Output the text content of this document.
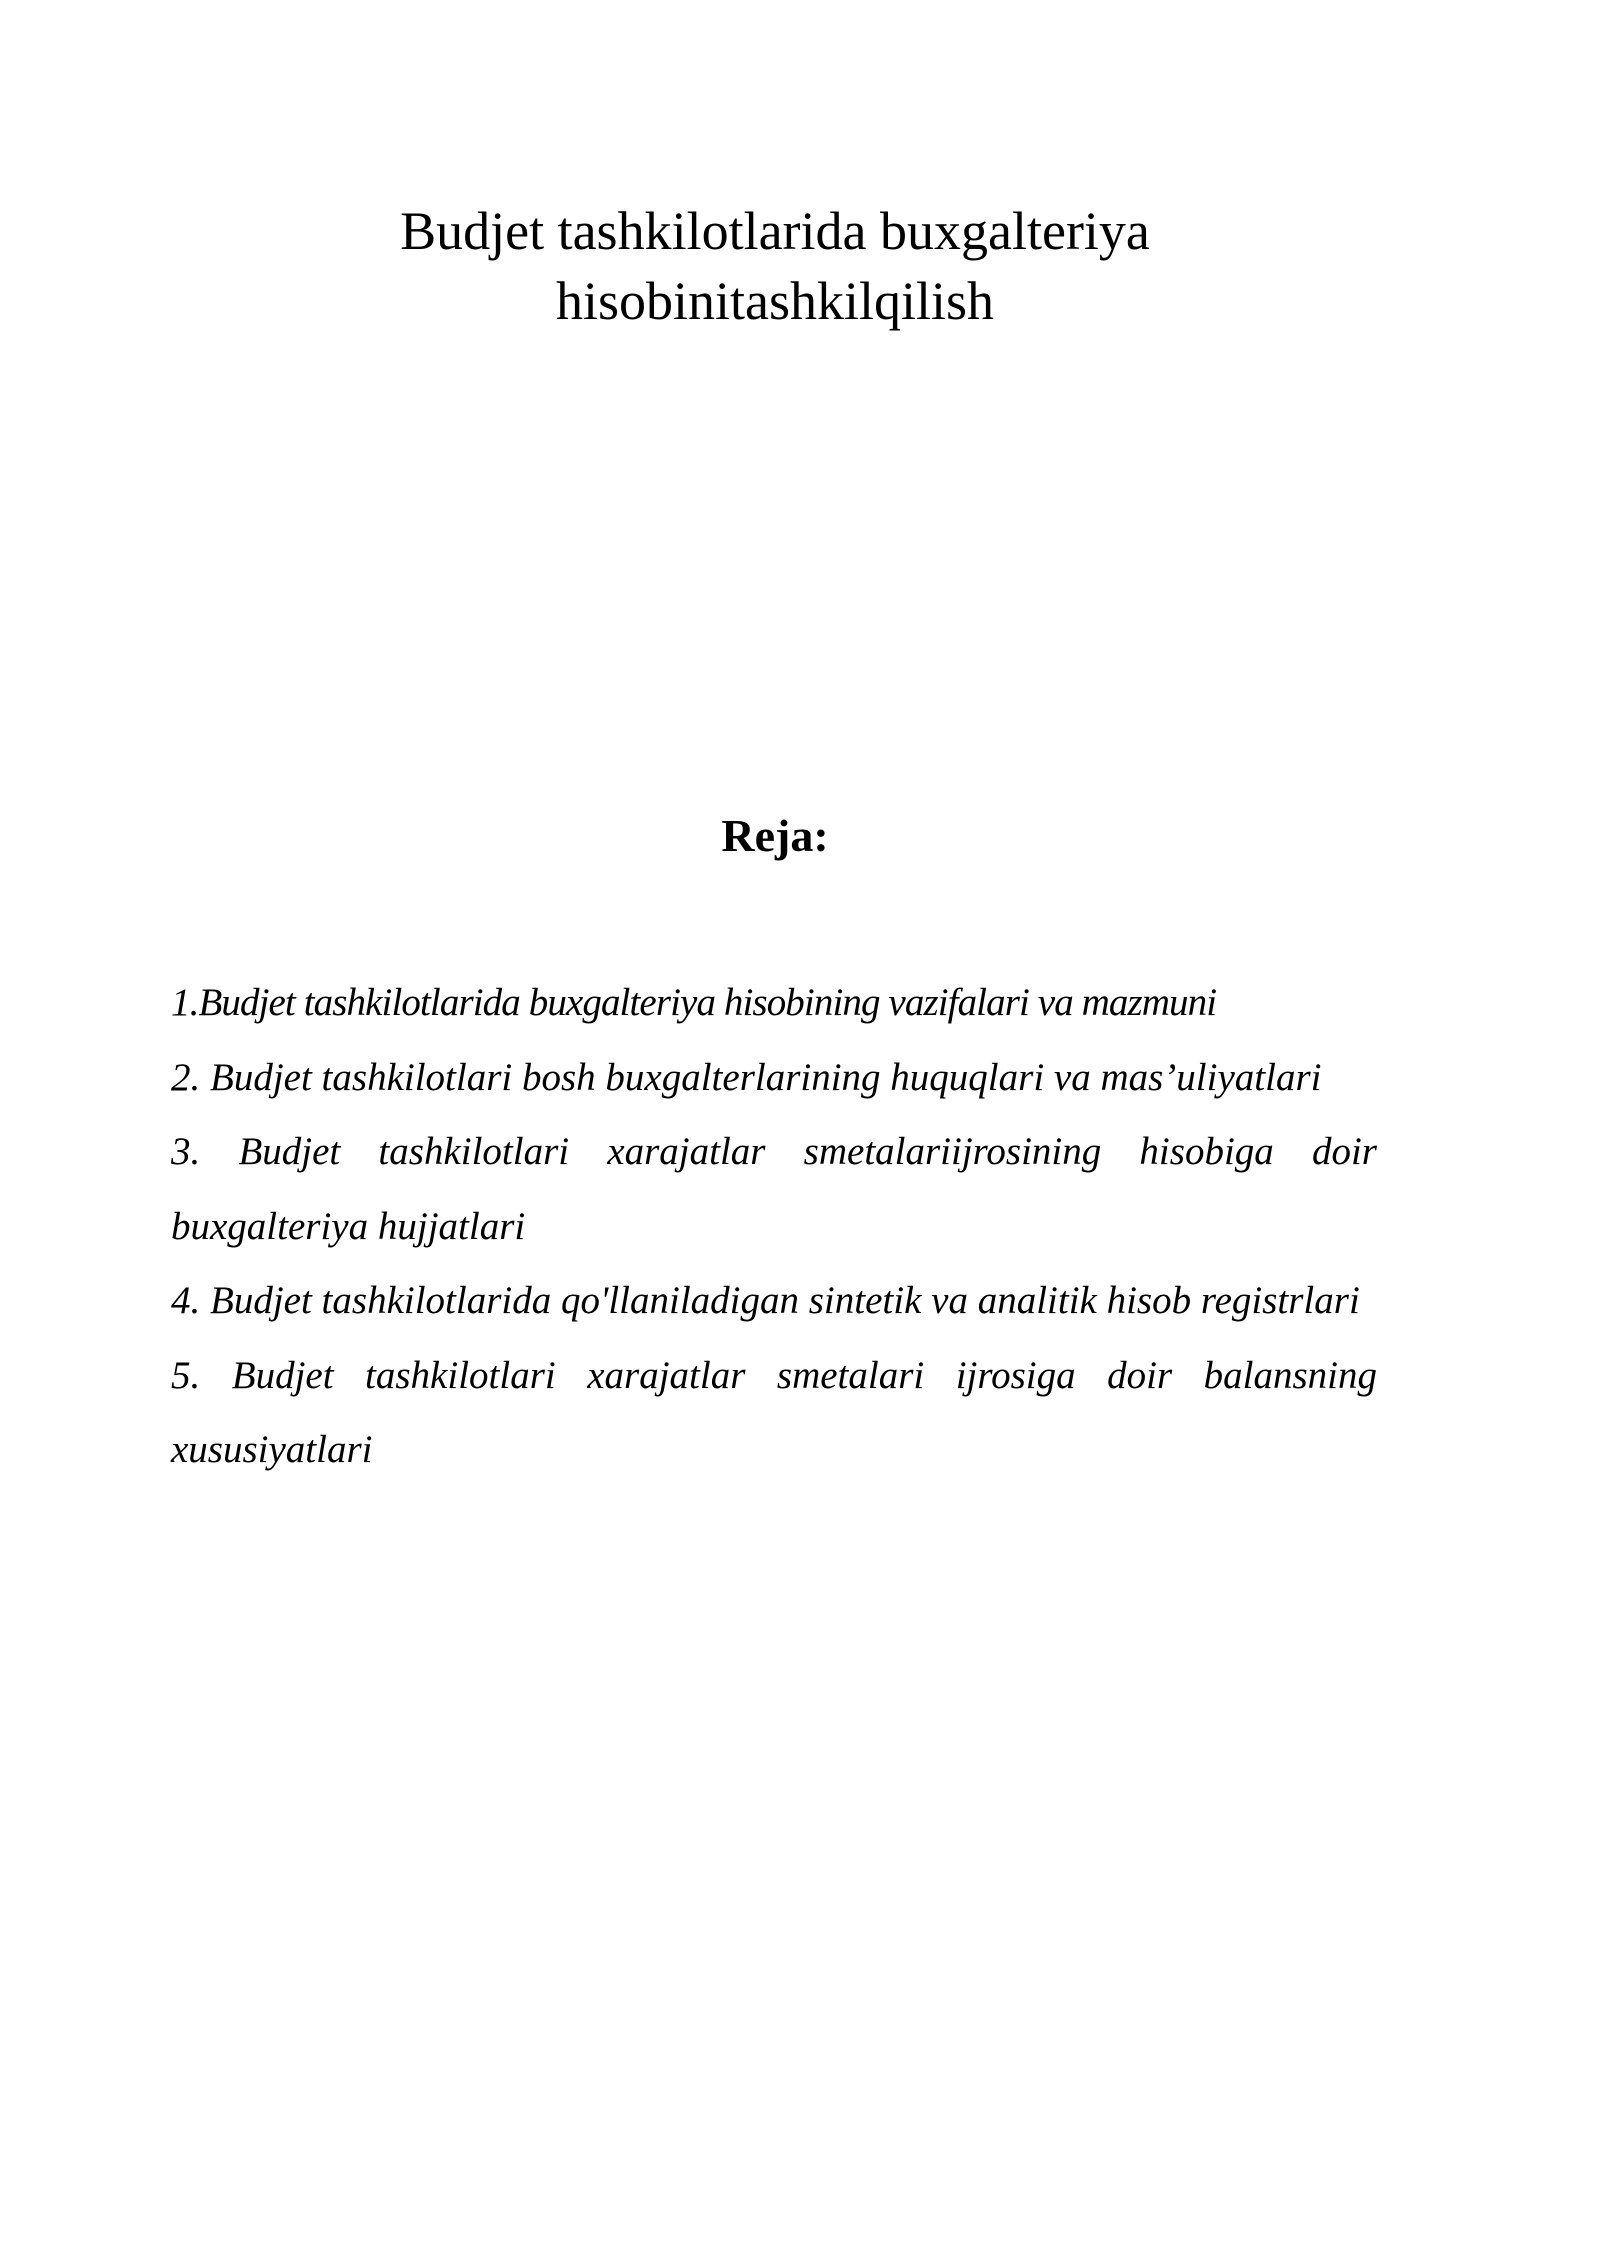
Budjet tashkilotlarida buxgalteriya
hisobinitashkilqilish
Reja:
1.Budjet tashkilotlarida buxgalteriya hisobining vazifalari va mazmuni
2. Budjet tashkilotlari bosh buxgalterlarining huquqlari va mas’uliyatlari
3. Budjet tashkilotlari xarajatlar smetalariijrosining hisobiga doir buxgalteriya hujjatlari
4. Budjet tashkilotlarida qo'llaniladigan sintetik va analitik hisob registrlari
5. Budjet tashkilotlari xarajatlar smetalari ijrosiga doir balansning xususiyatlari
